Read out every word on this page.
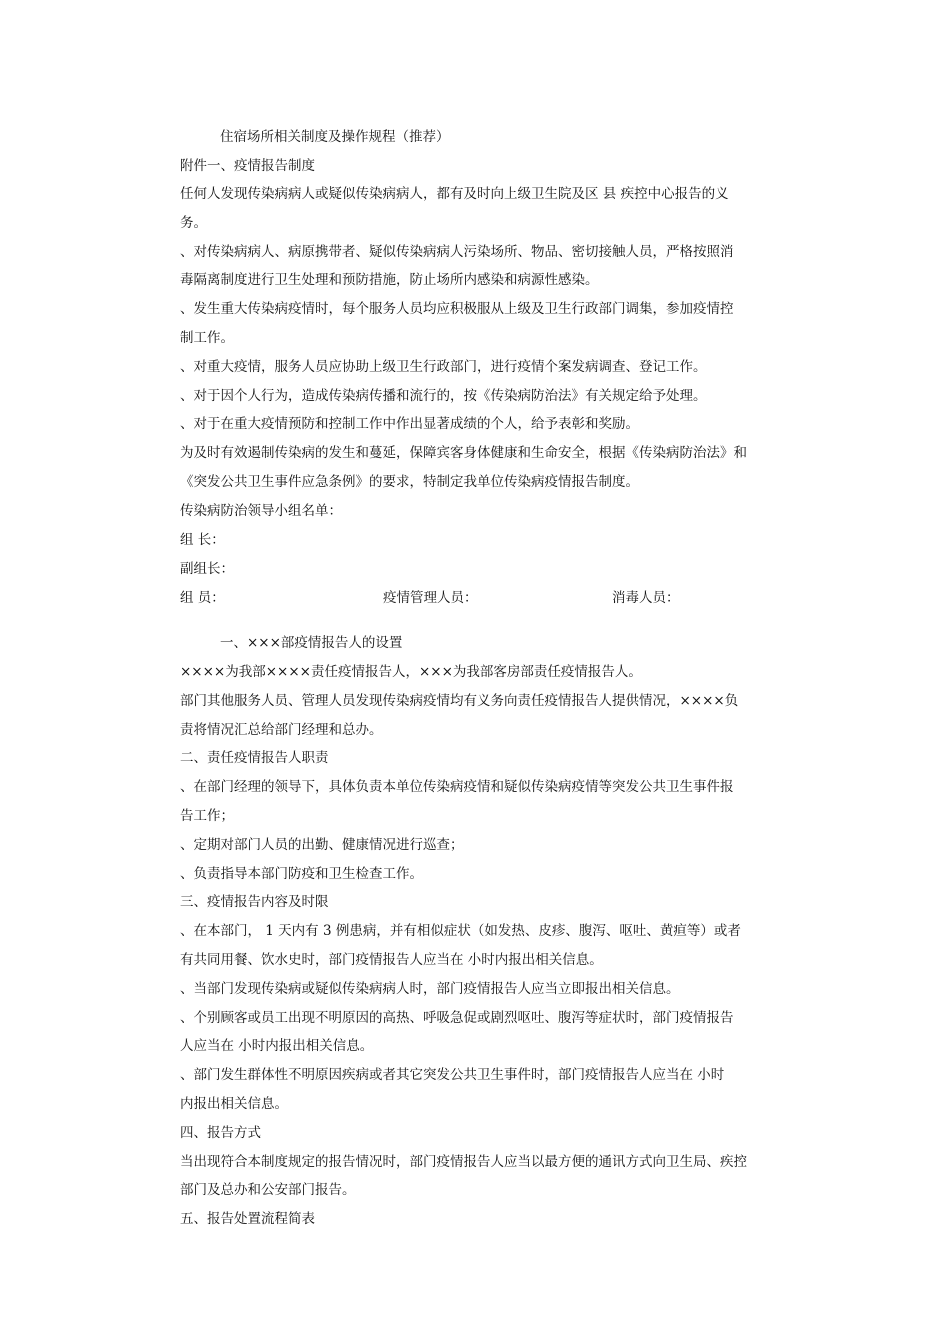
住宿场所相关制度及操作规程（推荐）
附件一、疫情报告制度
任何人发现传染病病人或疑似传染病病人，都有及时向上级卫生院及区 县 疾控中心报告的义
务。
、对传染病病人、病原携带者、疑似传染病病人污染场所、物品、密切接触人员，严格按照消
毒隔离制度进行卫生处理和预防措施，防止场所内感染和病源性感染。
、发生重大传染病疫情时，每个服务人员均应积极服从上级及卫生行政部门调集，参加疫情控
制工作。
、对重大疫情，服务人员应协助上级卫生行政部门，进行疫情个案发病调查、登记工作。
、对于因个人行为，造成传染病传播和流行的，按《传染病防治法》有关规定给予处理。
、对于在重大疫情预防和控制工作中作出显著成绩的个人，给予表彰和奖励。
为及时有效遏制传染病的发生和蔓延，保障宾客身体健康和生命安全，根据《传染病防治法》和
《突发公共卫生事件应急条例》的要求，特制定我单位传染病疫情报告制度。
传染病防治领导小组名单：
组 长：
副组长：
组 员：	疫情管理人员：	消毒人员：
一、×××部疫情报告人的设置
××××为我部××××责任疫情报告人，×××为我部客房部责任疫情报告人。
部门其他服务人员、管理人员发现传染病疫情均有义务向责任疫情报告人提供情况，××××负
责将情况汇总给部门经理和总办。
二、责任疫情报告人职责
、在部门经理的领导下，具体负责本单位传染病疫情和疑似传染病疫情等突发公共卫生事件报
告工作；
、定期对部门人员的出勤、健康情况进行巡查；
、负责指导本部门防疫和卫生检查工作。
三、疫情报告内容及时限
、在本部门， 1 天内有 3 例患病，并有相似症状（如发热、皮疹、腹泻、呕吐、黄疸等）或者
有共同用餐、饮水史时，部门疫情报告人应当在 小时内报出相关信息。
、当部门发现传染病或疑似传染病病人时，部门疫情报告人应当立即报出相关信息。
、个别顾客或员工出现不明原因的高热、呼吸急促或剧烈呕吐、腹泻等症状时，部门疫情报告
人应当在 小时内报出相关信息。
、部门发生群体性不明原因疾病或者其它突发公共卫生事件时，部门疫情报告人应当在 小时
内报出相关信息。
四、报告方式
当出现符合本制度规定的报告情况时，部门疫情报告人应当以最方便的通讯方式向卫生局、疾控
部门及总办和公安部门报告。
五、报告处置流程简表
